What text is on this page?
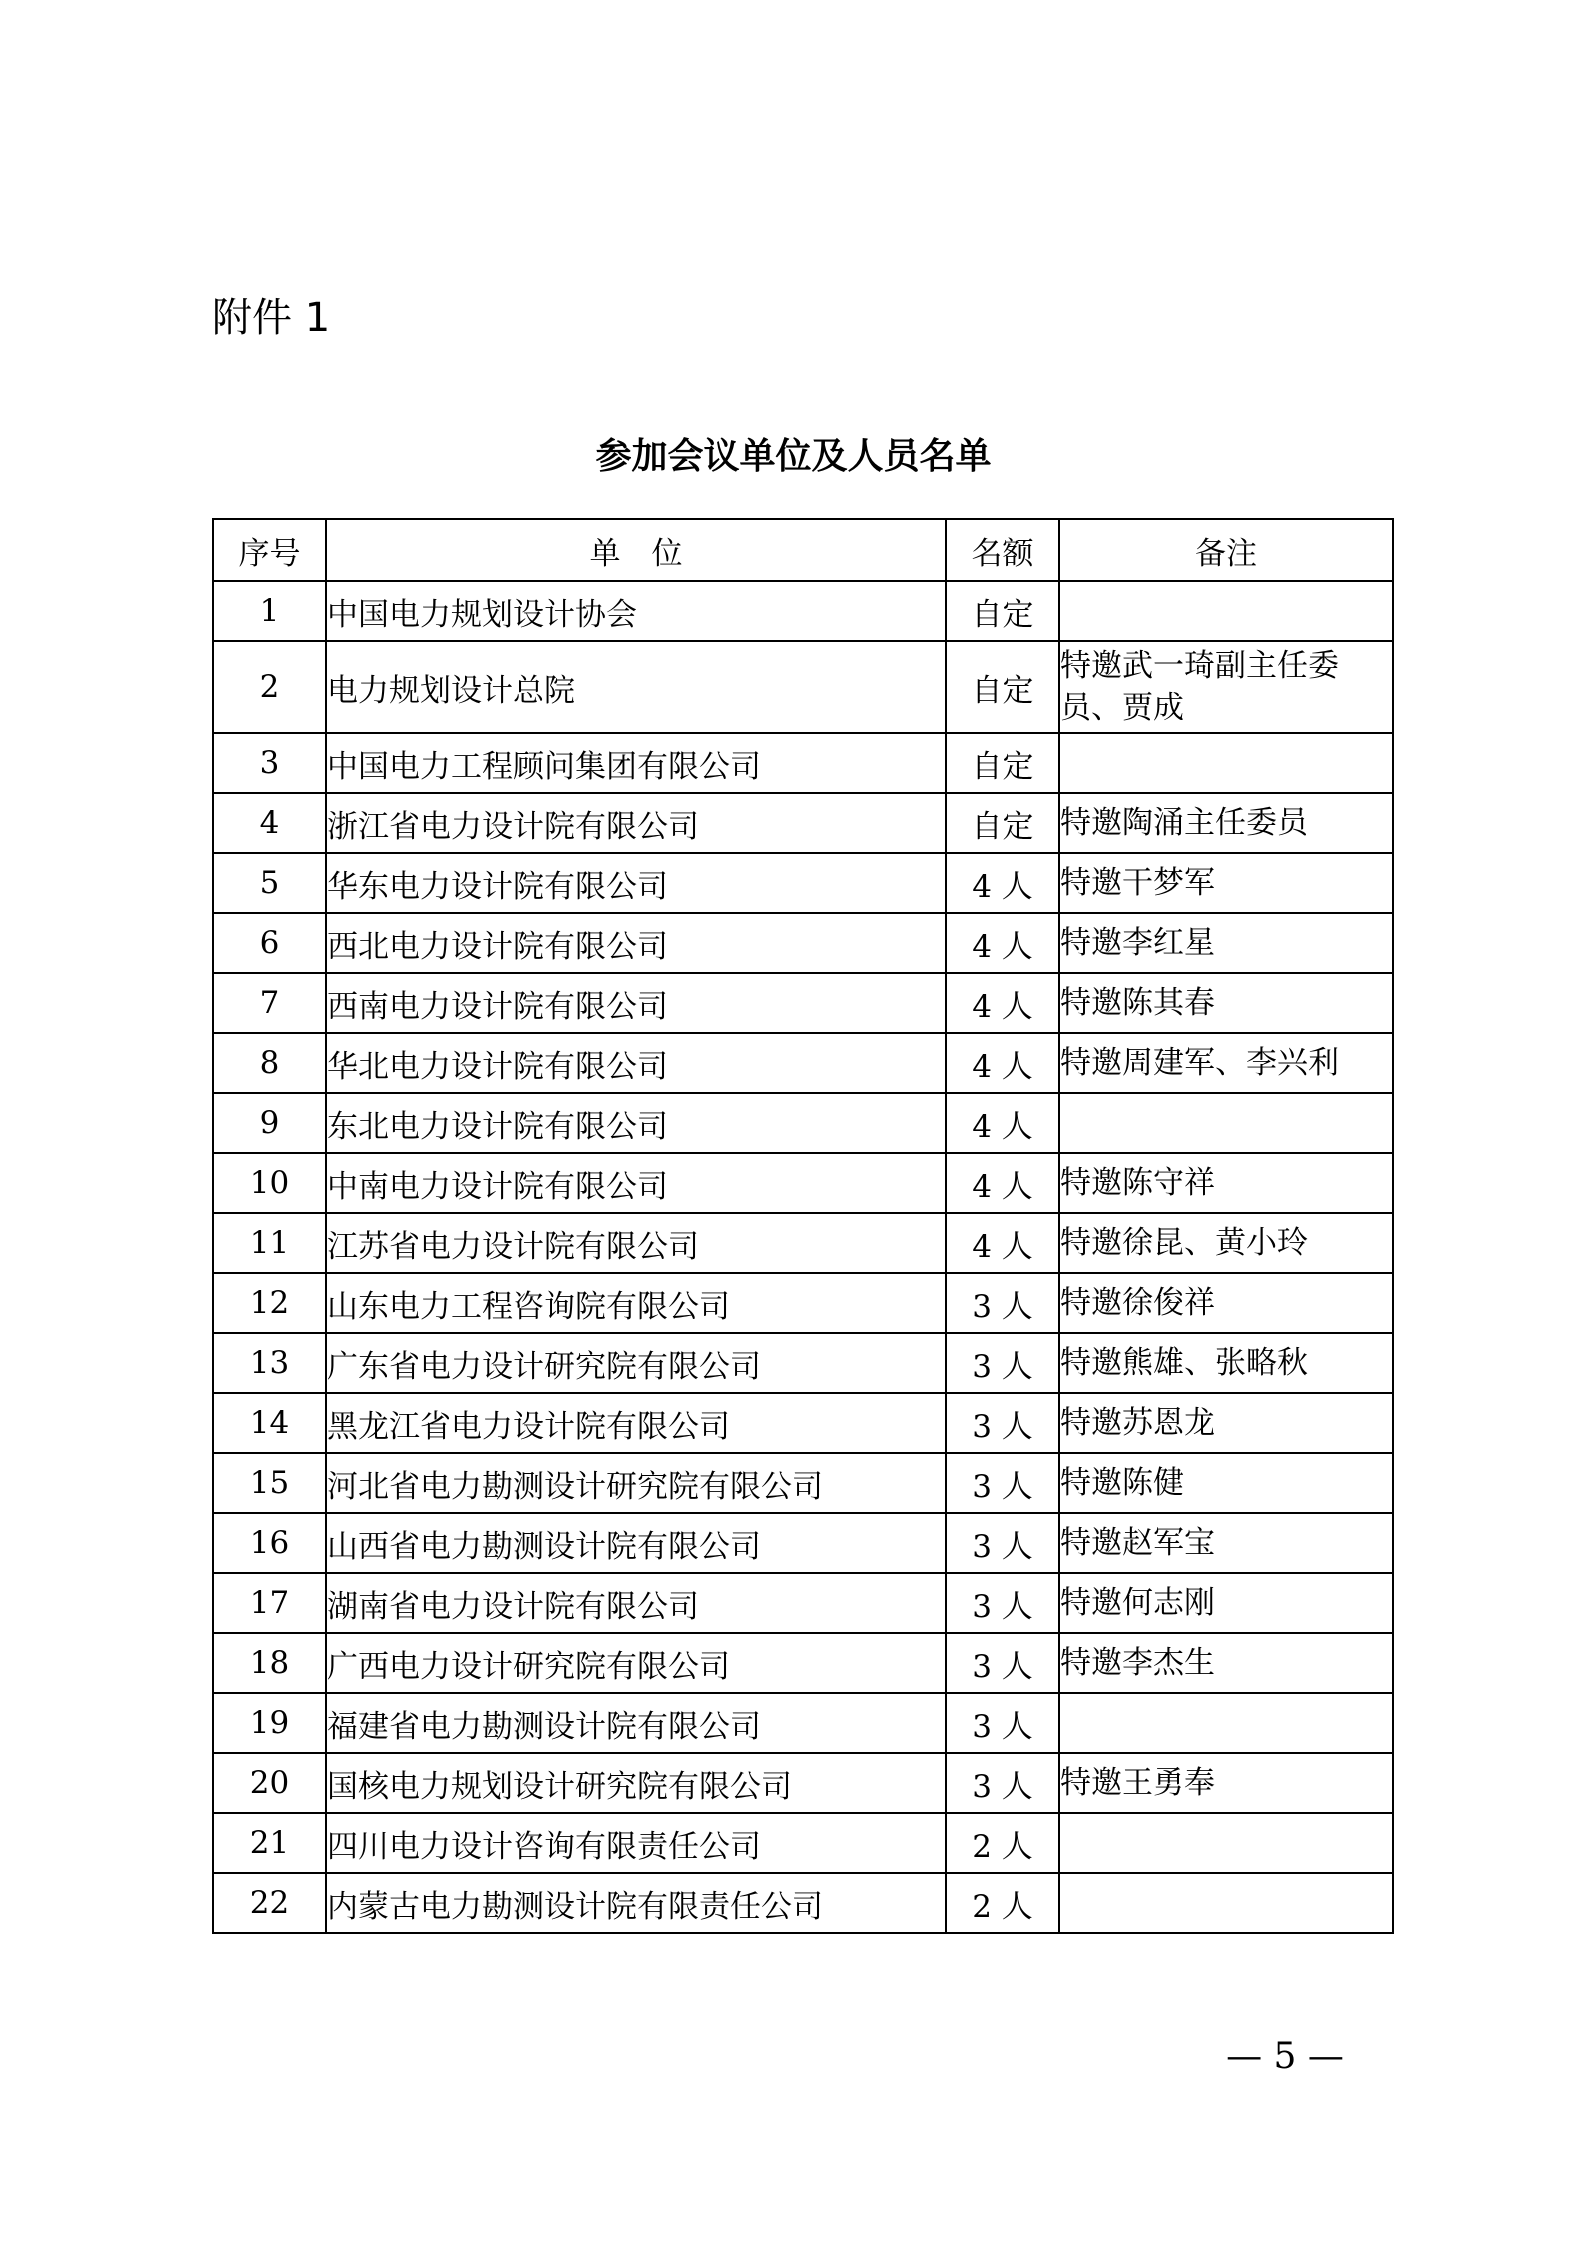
附件 1
参加会议单位及人员名单
序号	单　位	名额	备注
1	中国电力规划设计协会	自定	
2	电力规划设计总院	自定	特邀武一琦副主任委员、贾成
3	中国电力工程顾问集团有限公司	自定	
4	浙江省电力设计院有限公司	自定	特邀陶涌主任委员
5	华东电力设计院有限公司	4 人	特邀干梦军
6	西北电力设计院有限公司	4 人	特邀李红星
7	西南电力设计院有限公司	4 人	特邀陈其春
8	华北电力设计院有限公司	4 人	特邀周建军、李兴利
9	东北电力设计院有限公司	4 人	
10	中南电力设计院有限公司	4 人	特邀陈守祥
11	江苏省电力设计院有限公司	4 人	特邀徐昆、黄小玲
12	山东电力工程咨询院有限公司	3 人	特邀徐俊祥
13	广东省电力设计研究院有限公司	3 人	特邀熊雄、张略秋
14	黑龙江省电力设计院有限公司	3 人	特邀苏恩龙
15	河北省电力勘测设计研究院有限公司	3 人	特邀陈健
16	山西省电力勘测设计院有限公司	3 人	特邀赵军宝
17	湖南省电力设计院有限公司	3 人	特邀何志刚
18	广西电力设计研究院有限公司	3 人	特邀李杰生
19	福建省电力勘测设计院有限公司	3 人	
20	国核电力规划设计研究院有限公司	3 人	特邀王勇奉
21	四川电力设计咨询有限责任公司	2 人	
22	内蒙古电力勘测设计院有限责任公司	2 人	
— 5 —
